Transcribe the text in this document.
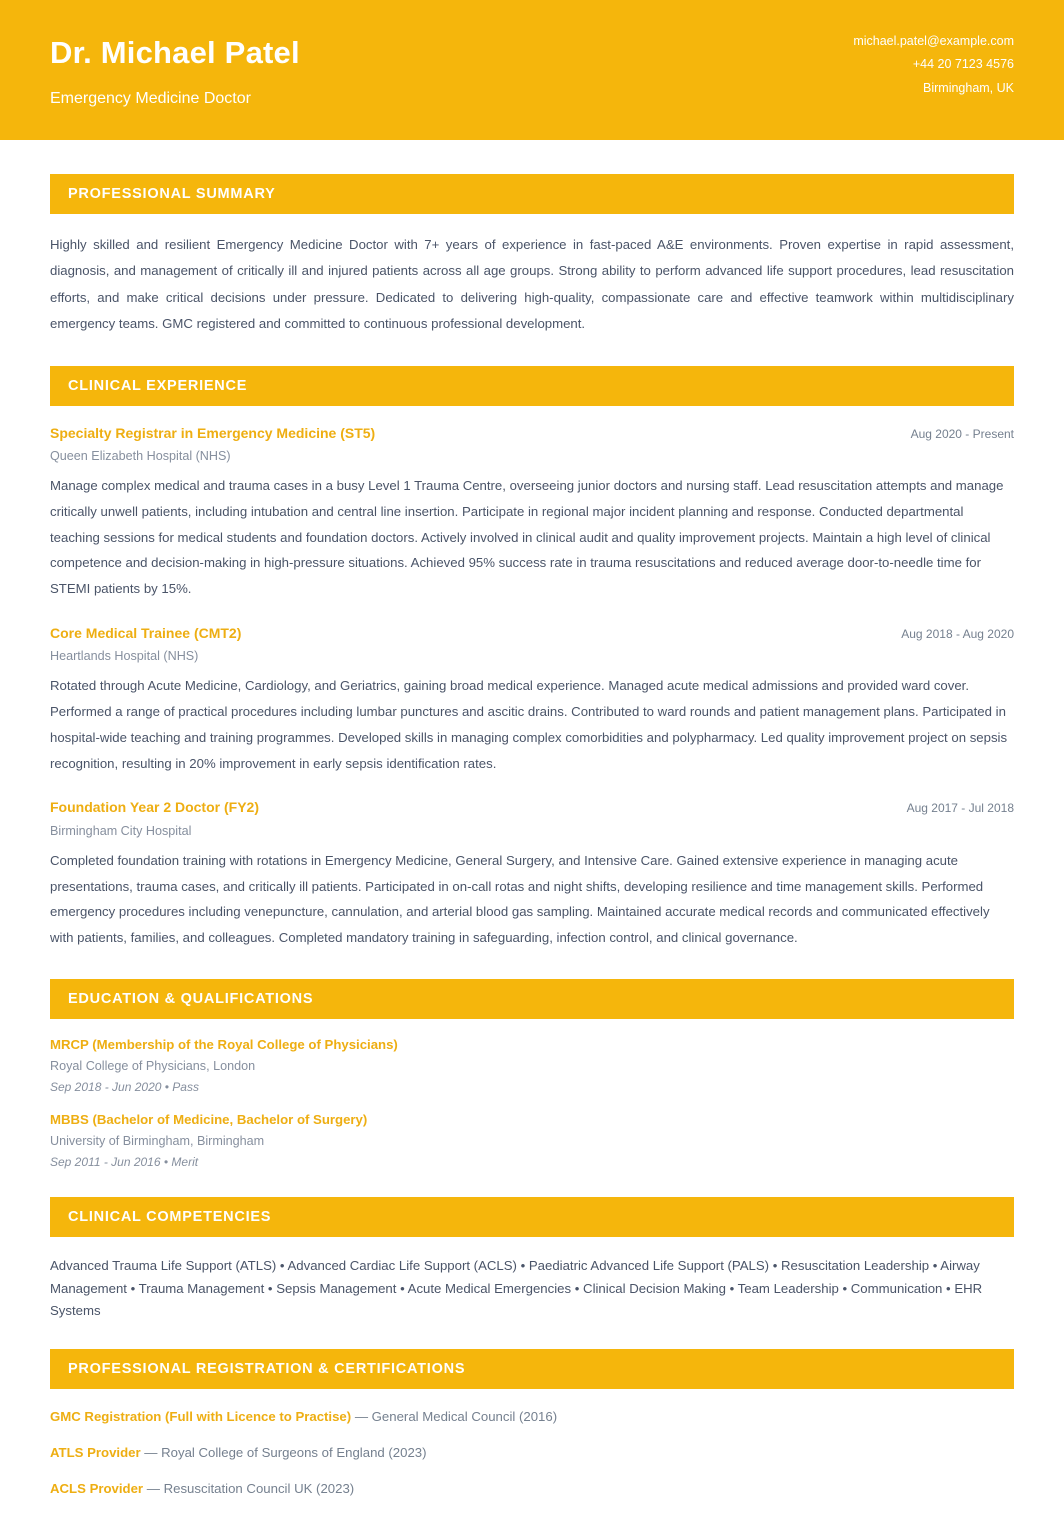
Dr. Michael Patel
Emergency Medicine Doctor
michael.patel@example.com
+44 20 7123 4576
Birmingham, UK
PROFESSIONAL SUMMARY

Highly skilled and resilient Emergency Medicine Doctor with 7+ years of experience in fast-paced A&E environments. Proven expertise in rapid assessment, diagnosis, and management of critically ill and injured patients across all age groups. Strong ability to perform advanced life support procedures, lead resuscitation efforts, and make critical decisions under pressure. Dedicated to delivering high-quality, compassionate care and effective teamwork within multidisciplinary emergency teams. GMC registered and committed to continuous professional development.

CLINICAL EXPERIENCE
Specialty Registrar in Emergency Medicine (ST5)	Aug 2020 - Present
Queen Elizabeth Hospital (NHS)
Manage complex medical and trauma cases in a busy Level 1 Trauma Centre, overseeing junior doctors and nursing staff. Lead resuscitation attempts and manage critically unwell patients, including intubation and central line insertion. Participate in regional major incident planning and response. Conducted departmental teaching sessions for medical students and foundation doctors. Actively involved in clinical audit and quality improvement projects. Maintain a high level of clinical competence and decision-making in high-pressure situations. Achieved 95% success rate in trauma resuscitations and reduced average door-to-needle time for STEMI patients by 15%.
Core Medical Trainee (CMT2)	Aug 2018 - Aug 2020
Heartlands Hospital (NHS)
Rotated through Acute Medicine, Cardiology, and Geriatrics, gaining broad medical experience. Managed acute medical admissions and provided ward cover. Performed a range of practical procedures including lumbar punctures and ascitic drains. Contributed to ward rounds and patient management plans. Participated in hospital-wide teaching and training programmes. Developed skills in managing complex comorbidities and polypharmacy. Led quality improvement project on sepsis recognition, resulting in 20% improvement in early sepsis identification rates.
Foundation Year 2 Doctor (FY2)	Aug 2017 - Jul 2018
Birmingham City Hospital
Completed foundation training with rotations in Emergency Medicine, General Surgery, and Intensive Care. Gained extensive experience in managing acute presentations, trauma cases, and critically ill patients. Participated in on-call rotas and night shifts, developing resilience and time management skills. Performed emergency procedures including venepuncture, cannulation, and arterial blood gas sampling. Maintained accurate medical records and communicated effectively with patients, families, and colleagues. Completed mandatory training in safeguarding, infection control, and clinical governance.
EDUCATION & QUALIFICATIONS
MRCP (Membership of the Royal College of Physicians)
Royal College of Physicians, London
Sep 2018 - Jun 2020 • Pass
MBBS (Bachelor of Medicine, Bachelor of Surgery)
University of Birmingham, Birmingham
Sep 2011 - Jun 2016 • Merit
CLINICAL COMPETENCIES

Advanced Trauma Life Support (ATLS) • Advanced Cardiac Life Support (ACLS) • Paediatric Advanced Life Support (PALS) • Resuscitation Leadership • Airway Management • Trauma Management • Sepsis Management • Acute Medical Emergencies • Clinical Decision Making • Team Leadership • Communication • EHR Systems

PROFESSIONAL REGISTRATION & CERTIFICATIONS
GMC Registration (Full with Licence to Practise) — General Medical Council (2016)
ATLS Provider — Royal College of Surgeons of England (2023)
ACLS Provider — Resuscitation Council UK (2023)
